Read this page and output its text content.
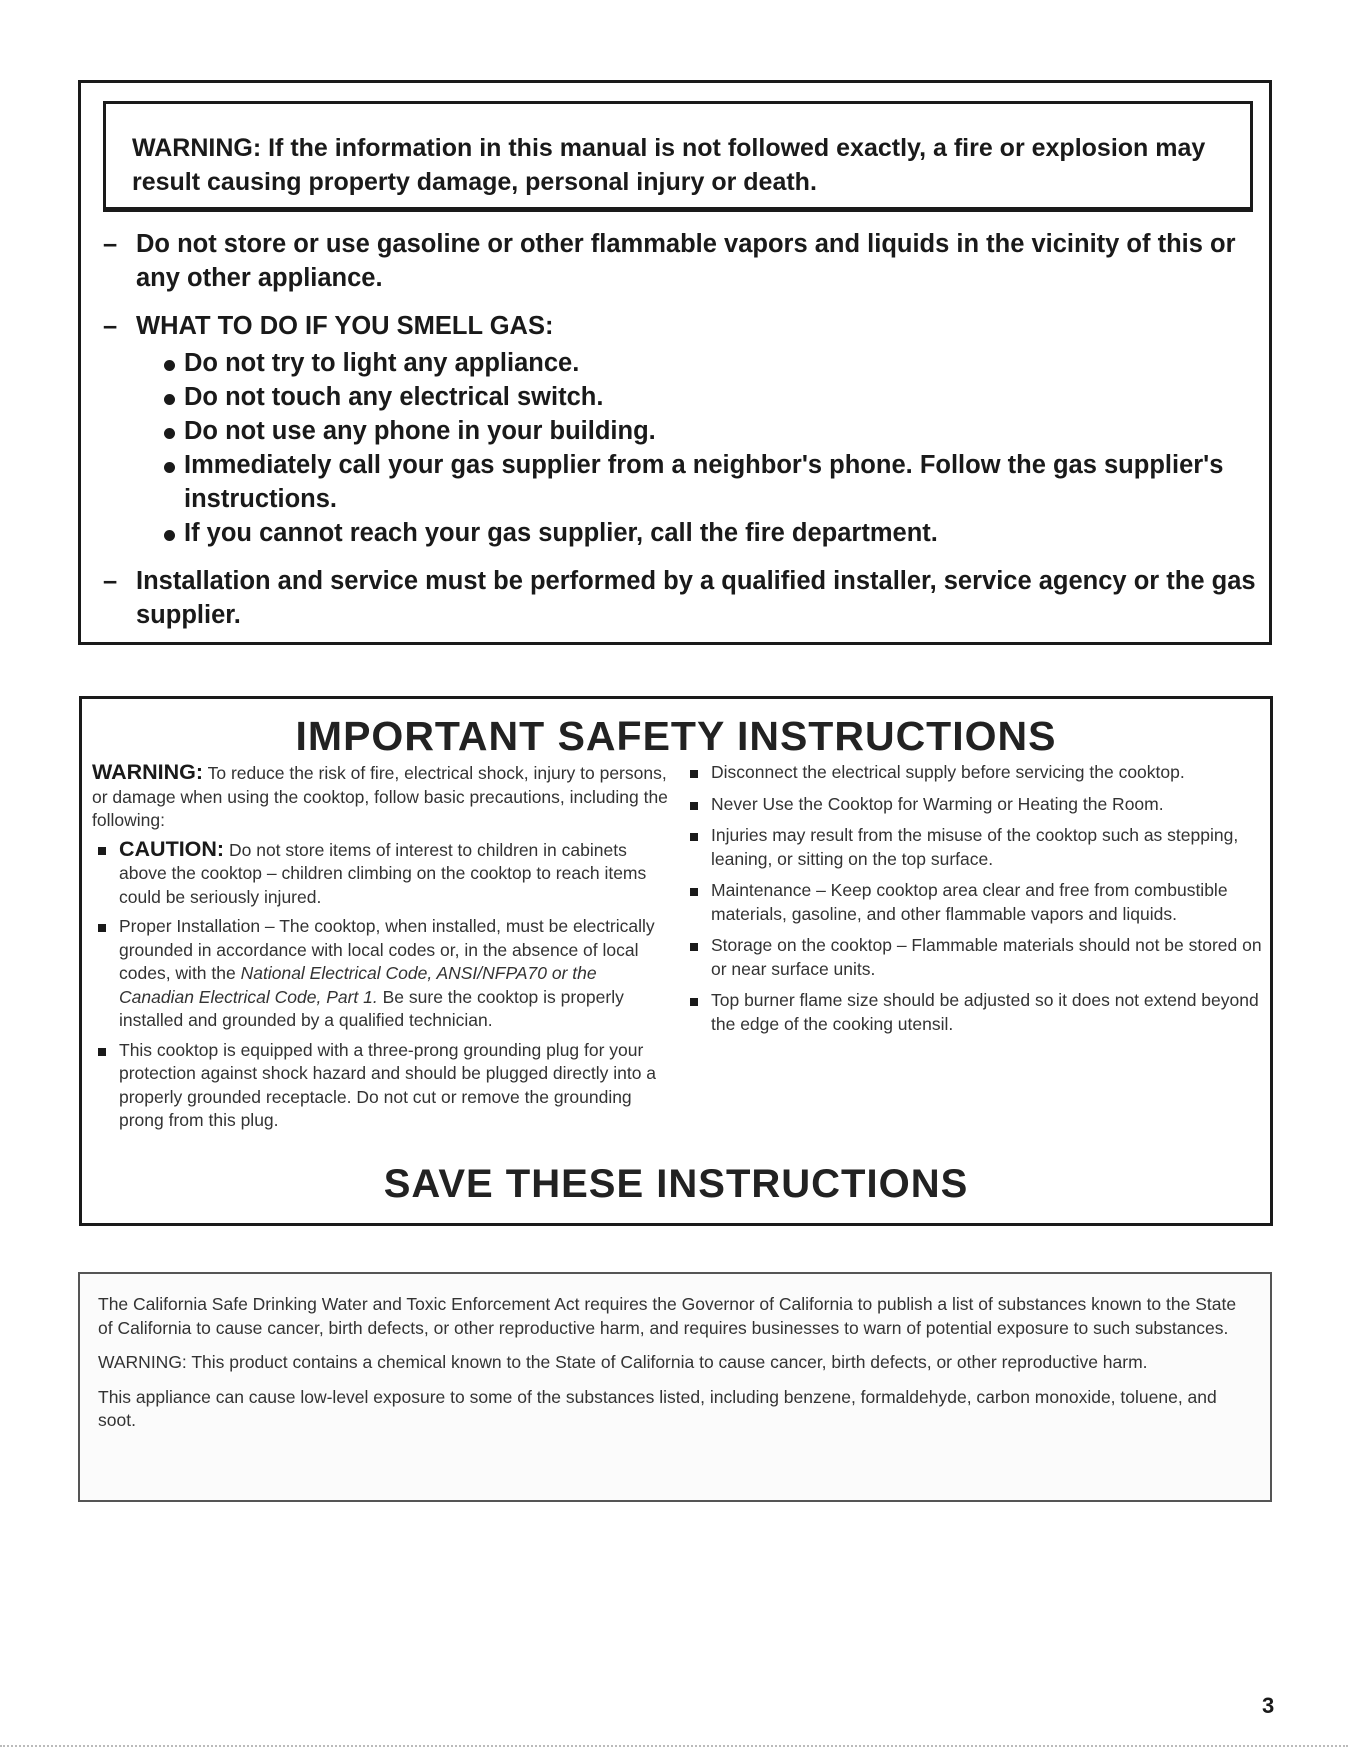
WARNING: If the information in this manual is not followed exactly, a fire or explosion may result causing property damage, personal injury or death.
– Do not store or use gasoline or other flammable vapors and liquids in the vicinity of this or any other appliance.
– WHAT TO DO IF YOU SMELL GAS:
Do not try to light any appliance.
Do not touch any electrical switch.
Do not use any phone in your building.
Immediately call your gas supplier from a neighbor's phone. Follow the gas supplier's instructions.
If you cannot reach your gas supplier, call the fire department.
– Installation and service must be performed by a qualified installer, service agency or the gas supplier.
IMPORTANT SAFETY INSTRUCTIONS
WARNING: To reduce the risk of fire, electrical shock, injury to persons, or damage when using the cooktop, follow basic precautions, including the following:
CAUTION: Do not store items of interest to children in cabinets above the cooktop – children climbing on the cooktop to reach items could be seriously injured.
Proper Installation – The cooktop, when installed, must be electrically grounded in accordance with local codes or, in the absence of local codes, with the National Electrical Code, ANSI/NFPA70 or the Canadian Electrical Code, Part 1. Be sure the cooktop is properly installed and grounded by a qualified technician.
This cooktop is equipped with a three-prong grounding plug for your protection against shock hazard and should be plugged directly into a properly grounded receptacle. Do not cut or remove the grounding prong from this plug.
Disconnect the electrical supply before servicing the cooktop.
Never Use the Cooktop for Warming or Heating the Room.
Injuries may result from the misuse of the cooktop such as stepping, leaning, or sitting on the top surface.
Maintenance – Keep cooktop area clear and free from combustible materials, gasoline, and other flammable vapors and liquids.
Storage on the cooktop – Flammable materials should not be stored on or near surface units.
Top burner flame size should be adjusted so it does not extend beyond the edge of the cooking utensil.
SAVE THESE INSTRUCTIONS
The California Safe Drinking Water and Toxic Enforcement Act requires the Governor of California to publish a list of substances known to the State of California to cause cancer, birth defects, or other reproductive harm, and requires businesses to warn of potential exposure to such substances.
WARNING: This product contains a chemical known to the State of California to cause cancer, birth defects, or other reproductive harm.
This appliance can cause low-level exposure to some of the substances listed, including benzene, formaldehyde, carbon monoxide, toluene, and soot.
3
